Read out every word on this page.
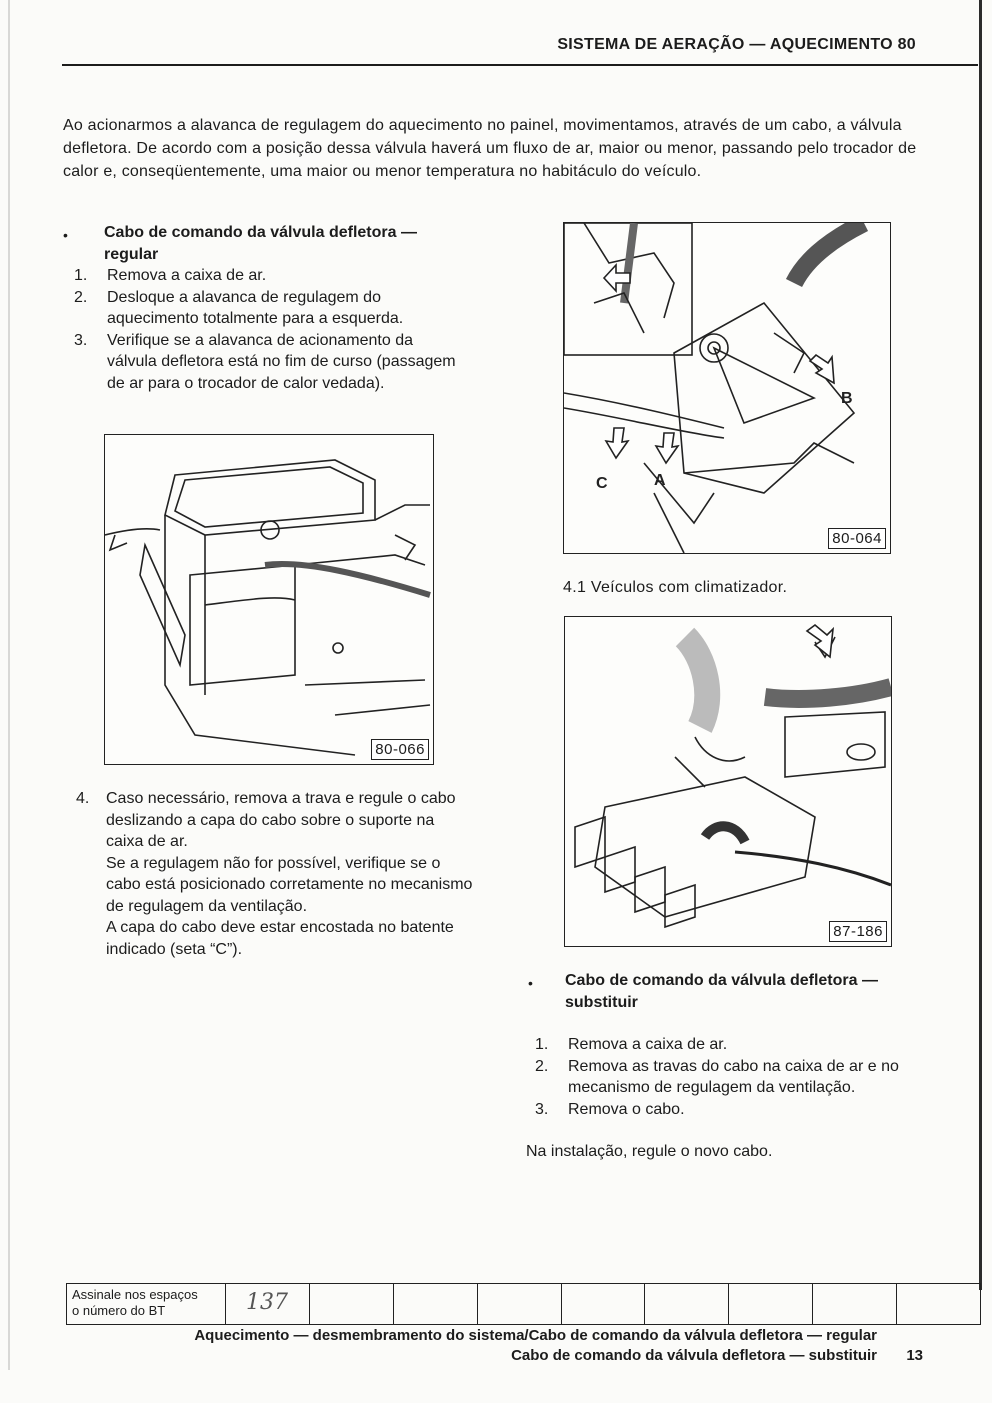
SISTEMA DE AERAÇÃO — AQUECIMENTO 80
Ao acionarmos a alavanca de regulagem do aquecimento no painel, movimentamos, através de um cabo, a válvula defletora. De acordo com a posição dessa válvula haverá um fluxo de ar, maior ou menor, passando pelo trocador de calor e, conseqüentemente, uma maior ou menor temperatura no habitáculo do veículo.
• Cabo de comando da válvula defletora — regular
1. Remova a caixa de ar.
2. Desloque a alavanca de regulagem do aquecimento totalmente para a esquerda.
3. Verifique se a alavanca de acionamento da válvula defletora está no fim de curso (passagem de ar para o trocador de calor vedada).
80-066
4. Caso necessário, remova a trava e regule o cabo deslizando a capa do cabo sobre o suporte na caixa de ar.
Se a regulagem não for possível, verifique se o cabo está posicionado corretamente no mecanismo de regulagem da ventilação.
A capa do cabo deve estar encostada no batente indicado (seta “C”).
B
A
C
80-064
4.1 Veículos com climatizador.
87-186
• Cabo de comando da válvula defletora — substituir
1. Remova a caixa de ar.
2. Remova as travas do cabo na caixa de ar e no mecanismo de regulagem da ventilação.
3. Remova o cabo.
Na instalação, regule o novo cabo.
Assinale nos espaços
o número do BT	137
Aquecimento — desmembramento do sistema/Cabo de comando da válvula defletora — regular
Cabo de comando da válvula defletora — substituir 13
